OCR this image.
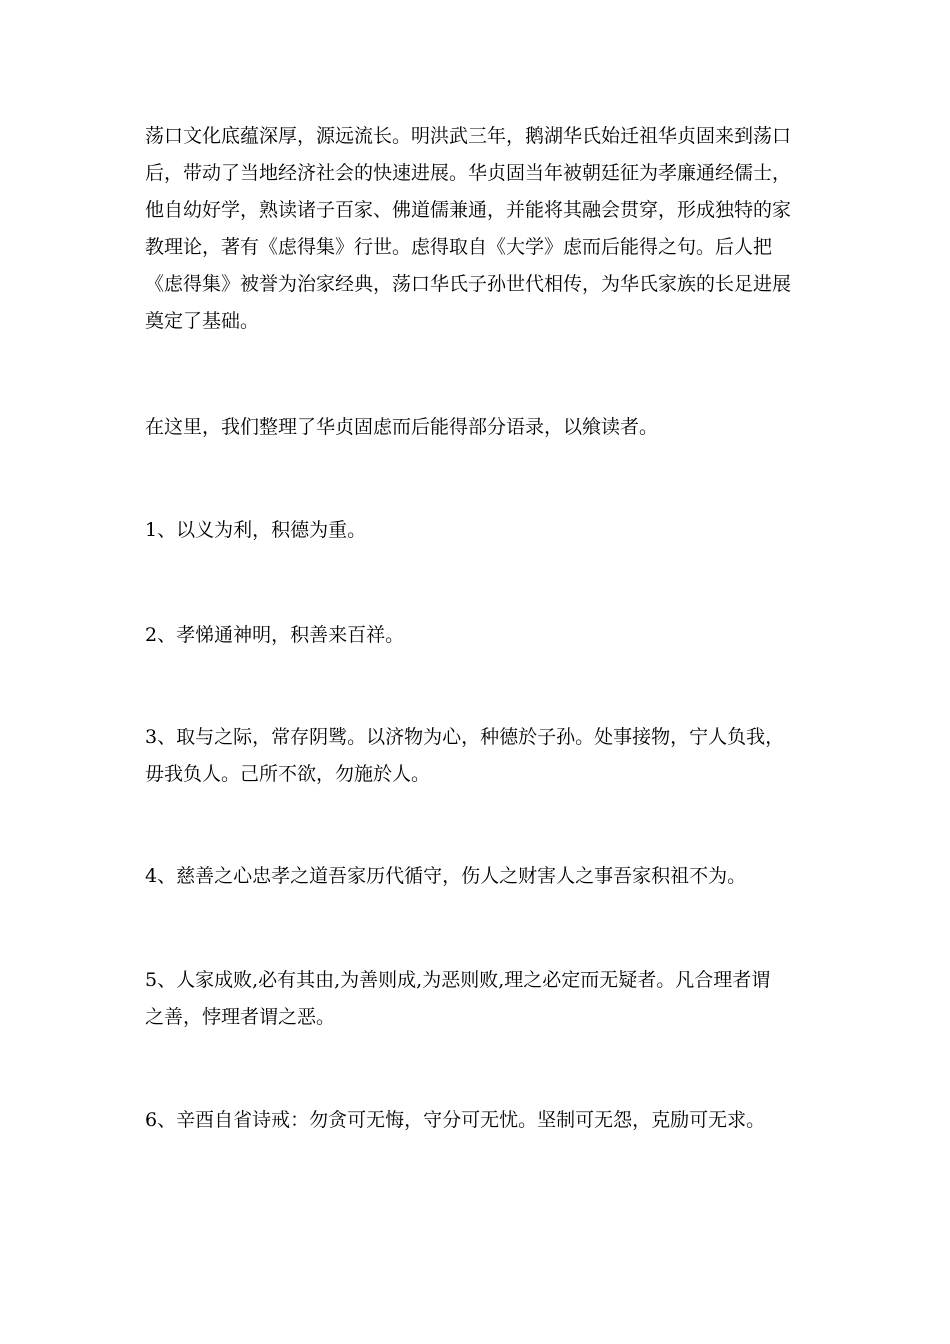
荡口文化底蕴深厚，源远流长。明洪武三年，鹅湖华氏始迁祖华贞固来到荡口
后，带动了当地经济社会的快速进展。华贞固当年被朝廷征为孝廉通经儒士，
他自幼好学，熟读诸子百家、佛道儒兼通，并能将其融会贯穿，形成独特的家
教理论，著有《虑得集》行世。虑得取自《大学》虑而后能得之句。后人把
《虑得集》被誉为治家经典，荡口华氏子孙世代相传，为华氏家族的长足进展
奠定了基础。

在这里，我们整理了华贞固虑而后能得部分语录，以飨读者。

1、以义为利，积德为重。

2、孝悌通神明，积善来百祥。

3、取与之际，常存阴骘。以济物为心，种德於子孙。处事接物，宁人负我，
毋我负人。己所不欲，勿施於人。

4、慈善之心忠孝之道吾家历代循守，伤人之财害人之事吾家积祖不为。

5、人家成败,必有其由,为善则成,为恶则败,理之必定而无疑者。凡合理者谓
之善，悖理者谓之恶。

6、辛酉自省诗戒：勿贪可无悔，守分可无忧。坚制可无怨，克励可无求。
